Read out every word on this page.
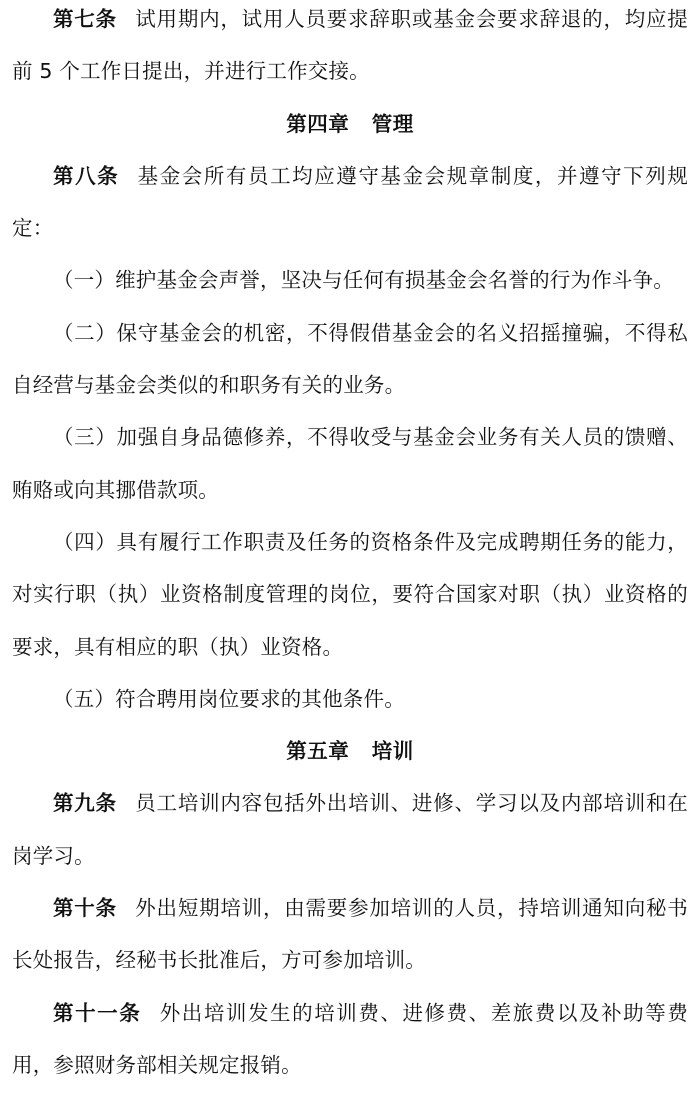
第七条 试用期内，试用人员要求辞职或基金会要求辞退的，均应提前 5 个工作日提出，并进行工作交接。

第四章 管理

第八条 基金会所有员工均应遵守基金会规章制度，并遵守下列规定：

（一）维护基金会声誉，坚决与任何有损基金会名誉的行为作斗争。

（二）保守基金会的机密，不得假借基金会的名义招摇撞骗，不得私自经营与基金会类似的和职务有关的业务。

（三）加强自身品德修养，不得收受与基金会业务有关人员的馈赠、贿赂或向其挪借款项。

（四）具有履行工作职责及任务的资格条件及完成聘期任务的能力，对实行职（执）业资格制度管理的岗位，要符合国家对职（执）业资格的要求，具有相应的职（执）业资格。

（五）符合聘用岗位要求的其他条件。

第五章 培训

第九条 员工培训内容包括外出培训、进修、学习以及内部培训和在岗学习。

第十条 外出短期培训，由需要参加培训的人员，持培训通知向秘书长处报告，经秘书长批准后，方可参加培训。

第十一条 外出培训发生的培训费、进修费、差旅费以及补助等费用，参照财务部相关规定报销。
